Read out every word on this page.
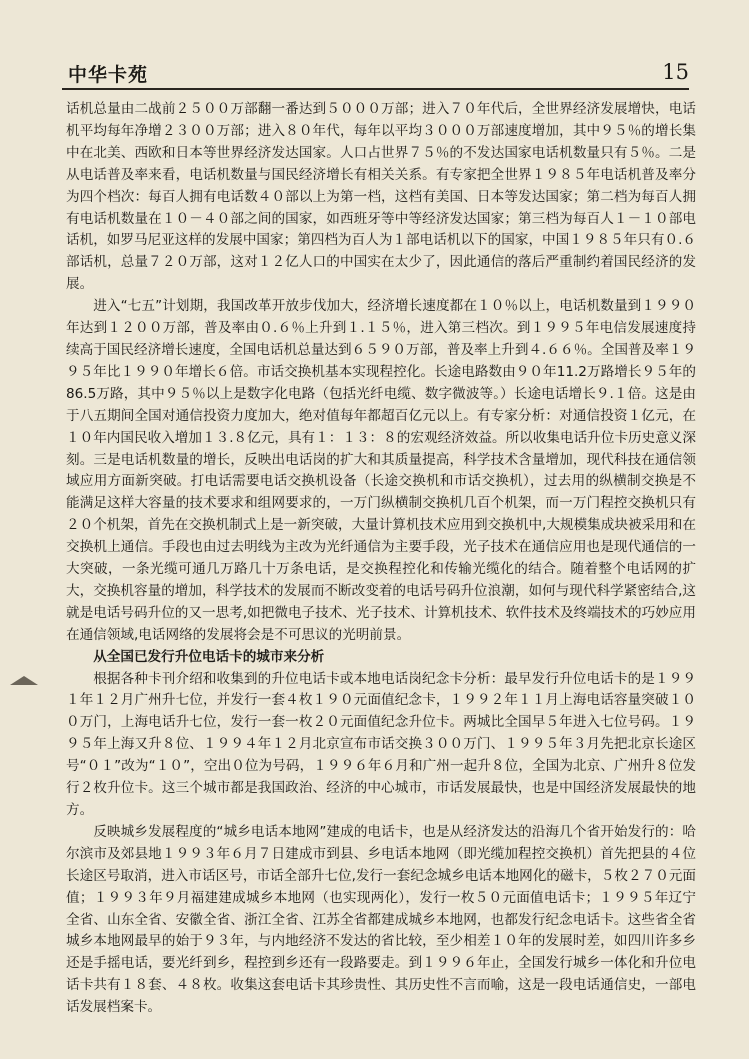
中华卡苑	15

话机总量由二战前２５００万部翻一番达到５０００万部；进入７０年代后，全世界经济发展增快，电话机平均每年净增２３００万部；进入８０年代，每年以平均３０００万部速度增加，其中９５％的增长集中在北美、西欧和日本等世界经济发达国家。人口占世界７５％的不发达国家电话机数量只有５％。二是从电话普及率来看，电话机数量与国民经济增长有相关关系。有专家把全世界１９８５年电话机普及率分为四个档次：每百人拥有电话数４０部以上为第一档，这档有美国、日本等发达国家；第二档为每百人拥有电话机数量在１０－４０部之间的国家，如西班牙等中等经济发达国家；第三档为每百人１－１０部电话机，如罗马尼亚这样的发展中国家；第四档为百人为１部电话机以下的国家，中国１９８５年只有０.６部话机，总量７２０万部，这对１２亿人口的中国实在太少了，因此通信的落后严重制约着国民经济的发展。

进入“七五”计划期，我国改革开放步伐加大，经济增长速度都在１０％以上，电话机数量到１９９０年达到１２００万部，普及率由０.６％上升到１.１５％，进入第三档次。到１９９５年电信发展速度持续高于国民经济增长速度，全国电话机总量达到６５９０万部，普及率上升到４.６６％。全国普及率１９９５年比１９９０年增长６倍。市话交换机基本实现程控化。长途电路数由９０年11.2万路增长９５年的86.5万路，其中９５％以上是数字化电路（包括光纤电缆、数字微波等。）长途电话增长９.１倍。这是由于八五期间全国对通信投资力度加大，绝对值每年都超百亿元以上。有专家分析：对通信投资１亿元，在１０年内国民收入增加１３.８亿元，具有１：１３：８的宏观经济效益。所以收集电话升位卡历史意义深刻。三是电话机数量的增长，反映出电话岗的扩大和其质量提高，科学技术含量增加，现代科技在通信领域应用方面新突破。打电话需要电话交换机设备（长途交换机和市话交换机），过去用的纵横制交换是不能满足这样大容量的技术要求和组网要求的，一万门纵横制交换机几百个机架，而一万门程控交换机只有２０个机架，首先在交换机制式上是一新突破，大量计算机技术应用到交换机中,大规模集成块被采用和在交换机上通信。手段也由过去明线为主改为光纤通信为主要手段，光子技术在通信应用也是现代通信的一大突破，一条光缆可通几万路几十万条电话，是交换程控化和传输光缆化的结合。随着整个电话网的扩大，交换机容量的增加，科学技术的发展而不断改变着的电话号码升位浪潮，如何与现代科学紧密结合,这就是电话号码升位的又一思考,如把微电子技术、光子技术、计算机技术、软件技术及终端技术的巧妙应用在通信领域,电话网络的发展将会是不可思议的光明前景。

从全国已发行升位电话卡的城市来分析

根据各种卡刊介绍和收集到的升位电话卡或本地电话岗纪念卡分析：最早发行升位电话卡的是１９９１年１２月广州升七位，并发行一套４枚１９０元面值纪念卡，１９９２年１１月上海电话容量突破１００万门，上海电话升七位，发行一套一枚２０元面值纪念升位卡。两城比全国早５年进入七位号码。１９９５年上海又升８位、１９９４年１２月北京宣布市话交换３００万门、１９９５年３月先把北京长途区号“０１”改为“１０”，空出０位为号码，１９９６年６月和广州一起升８位，全国为北京、广州升８位发行２枚升位卡。这三个城市都是我国政治、经济的中心城市，市话发展最快，也是中国经济发展最快的地方。

反映城乡发展程度的“城乡电话本地网”建成的电话卡，也是从经济发达的沿海几个省开始发行的：哈尔滨市及郊县地１９９３年６月７日建成市到县、乡电话本地网（即光缆加程控交换机）首先把县的４位长途区号取消，进入市话区号，市话全部升七位,发行一套纪念城乡电话本地网化的磁卡，５枚２７０元面值；１９９３年９月福建建成城乡本地网（也实现两化），发行一枚５０元面值电话卡；１９９５年辽宁全省、山东全省、安徽全省、浙江全省、江苏全省都建成城乡本地网，也都发行纪念电话卡。这些省全省城乡本地网最早的始于９３年，与内地经济不发达的省比较，至少相差１０年的发展时差，如四川许多乡还是手摇电话，要光纤到乡，程控到乡还有一段路要走。到１９９６年止，全国发行城乡一体化和升位电话卡共有１８套、４８枚。收集这套电话卡其珍贵性、其历史性不言而喻，这是一段电话通信史，一部电话发展档案卡。
